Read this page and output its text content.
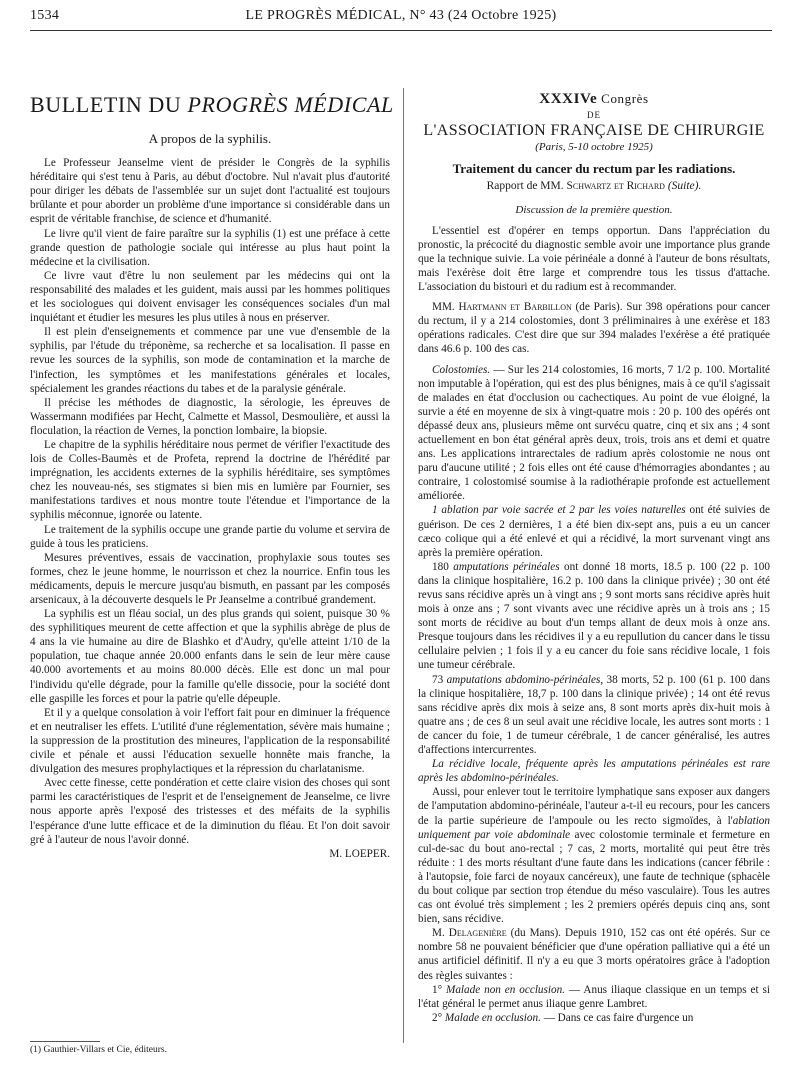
1534	LE PROGRÈS MÉDICAL, N° 43 (24 Octobre 1925)
BULLETIN DU PROGRÈS MÉDICAL
A propos de la syphilis.

Le Professeur Jeanselme vient de présider le Congrès de la syphilis héréditaire qui s'est tenu à Paris, au début d'octobre. Nul n'avait plus d'autorité pour diriger les débats de l'assemblée sur un sujet dont l'actualité est toujours brûlante et pour aborder un problème d'une importance si considérable dans un esprit de véritable franchise, de science et d'humanité.

Le livre qu'il vient de faire paraître sur la syphilis (1) est une préface à cette grande question de pathologie sociale qui intéresse au plus haut point la médecine et la civilisation.

Ce livre vaut d'être lu non seulement par les médecins qui ont la responsabilité des malades et les guident, mais aussi par les hommes politiques et les sociologues qui doivent envisager les conséquences sociales d'un mal inquiétant et étudier les mesures les plus utiles à nous en préserver.

Il est plein d'enseignements et commence par une vue d'ensemble de la syphilis, par l'étude du tréponème, sa recherche et sa localisation. Il passe en revue les sources de la syphilis, son mode de contamination et la marche de l'infection, les symptômes et les manifestations générales et locales, spécialement les grandes réactions du tabes et de la paralysie générale.

Il précise les méthodes de diagnostic, la sérologie, les épreuves de Wassermann modifiées par Hecht, Calmette et Massol, Desmoulière, et aussi la floculation, la réaction de Vernes, la ponction lombaire, la biopsie.

Le chapitre de la syphilis héréditaire nous permet de vérifier l'exactitude des lois de Colles-Baumès et de Profeta, reprend la doctrine de l'hérédité par imprégnation, les accidents externes de la syphilis héréditaire, ses symptômes chez les nouveau-nés, ses stigmates si bien mis en lumière par Fournier, ses manifestations tardives et nous montre toute l'étendue et l'importance de la syphilis méconnue, ignorée ou latente.

Le traitement de la syphilis occupe une grande partie du volume et servira de guide à tous les praticiens.

Mesures préventives, essais de vaccination, prophylaxie sous toutes ses formes, chez le jeune homme, le nourrisson et chez la nourrice. Enfin tous les médicaments, depuis le mercure jusqu'au bismuth, en passant par les composés arsenicaux, à la découverte desquels le Pr Jeanselme a contribué grandement.

La syphilis est un fléau social, un des plus grands qui soient, puisque 30 % des syphilitiques meurent de cette affection et que la syphilis abrège de plus de 4 ans la vie humaine au dire de Blashko et d'Audry, qu'elle atteint 1/10 de la population, tue chaque année 20.000 enfants dans le sein de leur mère cause 40.000 avortements et au moins 80.000 décès. Elle est donc un mal pour l'individu qu'elle dégrade, pour la famille qu'elle dissocie, pour la société dont elle gaspille les forces et pour la patrie qu'elle dépeuple.

Et il y a quelque consolation à voir l'effort fait pour en diminuer la fréquence et en neutraliser les effets. L'utilité d'une réglementation, sévère mais humaine ; la suppression de la prostitution des mineures, l'application de la responsabilité civile et pénale et aussi l'éducation sexuelle honnête mais franche, la divulgation des mesures prophylactiques et la répression du charlatanisme.

Avec cette finesse, cette pondération et cette claire vision des choses qui sont parmi les caractéristiques de l'esprit et de l'enseignement de Jeanselme, ce livre nous apporte après l'exposé des tristesses et des méfaits de la syphilis l'espérance d'une lutte efficace et de la diminution du fléau. Et l'on doit savoir gré à l'auteur de nous l'avoir donné.

M. LOEPER.
(1) Gauthier-Villars et Cie, éditeurs.
XXXIVe Congrès
DE
L'ASSOCIATION FRANÇAISE DE CHIRURGIE
(Paris, 5-10 octobre 1925)
Traitement du cancer du rectum par les radiations.
Rapport de MM. Schwartz et Richard (Suite).
Discussion de la première question.

L'essentiel est d'opérer en temps opportun. Dans l'appréciation du pronostic, la précocité du diagnostic semble avoir une importance plus grande que la technique suivie. La voie périnéale a donné à l'auteur de bons résultats, mais l'exérèse doit être large et comprendre tous les tissus d'attache. L'association du bistouri et du radium est à recommander.

MM. Hartmann et Barbillon (de Paris). Sur 398 opérations pour cancer du rectum, il y a 214 colostomies, dont 3 préliminaires à une exérèse et 183 opérations radicales. C'est dire que sur 394 malades l'exérèse a été pratiquée dans 46.6 p. 100 des cas.

Colostomies. — Sur les 214 colostomies, 16 morts, 7 1/2 p. 100. Mortalité non imputable à l'opération, qui est des plus bénignes, mais à ce qu'il s'agissait de malades en état d'occlusion ou cachectiques. Au point de vue éloigné, la survie a été en moyenne de six à vingt-quatre mois : 20 p. 100 des opérés ont dépassé deux ans, plusieurs même ont survécu quatre, cinq et six ans ; 4 sont actuellement en bon état général après deux, trois, trois ans et demi et quatre ans. Les applications intrarectales de radium après colostomie ne nous ont paru d'aucune utilité ; 2 fois elles ont été cause d'hémorragies abondantes ; au contraire, 1 colostomisé soumise à la radiothérapie profonde est actuellement améliorée.

1 ablation par voie sacrée et 2 par les voies naturelles ont été suivies de guérison. De ces 2 dernières, 1 a été bien dix-sept ans, puis a eu un cancer cæco colique qui a été enlevé et qui a récidivé, la mort survenant vingt ans après la première opération.

180 amputations périnéales ont donné 18 morts, 18.5 p. 100 (22 p. 100 dans la clinique hospitalière, 16.2 p. 100 dans la clinique privée) ; 30 ont été revus sans récidive après un à vingt ans ; 9 sont morts sans récidive après huit mois à onze ans ; 7 sont vivants avec une récidive après un à trois ans ; 15 sont morts de récidive au bout d'un temps allant de deux mois à onze ans. Presque toujours dans les récidives il y a eu repullution du cancer dans le tissu cellulaire pelvien ; 1 fois il y a eu cancer du foie sans récidive locale, 1 fois une tumeur cérébrale.

73 amputations abdomino-périnéales, 38 morts, 52 p. 100 (61 p. 100 dans la clinique hospitalière, 18,7 p. 100 dans la clinique privée) ; 14 ont été revus sans récidive après dix mois à seize ans, 8 sont morts après dix-huit mois à quatre ans ; de ces 8 un seul avait une récidive locale, les autres sont morts : 1 de cancer du foie, 1 de tumeur cérébrale, 1 de cancer généralisé, les autres d'affections intercurrentes.

La récidive locale, fréquente après les amputations périnéales est rare après les abdomino-périnéales.

Aussi, pour enlever tout le territoire lymphatique sans exposer aux dangers de l'amputation abdomino-périnéale, l'auteur a-t-il eu recours, pour les cancers de la partie supérieure de l'ampoule ou les recto sigmoïdes, à l'ablation uniquement par voie abdominale avec colostomie terminale et fermeture en cul-de-sac du bout ano-rectal ; 7 cas, 2 morts, mortalité qui peut être très réduite : 1 des morts résultant d'une faute dans les indications (cancer fébrile : à l'autopsie, foie farci de noyaux cancéreux), une faute de technique (sphacèle du bout colique par section trop étendue du méso vasculaire). Tous les autres cas ont évolué très simplement ; les 2 premiers opérés depuis cinq ans, sont bien, sans récidive.

M. Delagenière (du Mans). Depuis 1910, 152 cas ont été opérés. Sur ce nombre 58 ne pouvaient bénéficier que d'une opération palliative qui a été un anus artificiel définitif. Il n'y a eu que 3 morts opératoires grâce à l'adoption des règles suivantes :

1° Malade non en occlusion. — Anus iliaque classique en un temps et si l'état général le permet anus iliaque genre Lambret.

2° Malade en occlusion. — Dans ce cas faire d'urgence un
